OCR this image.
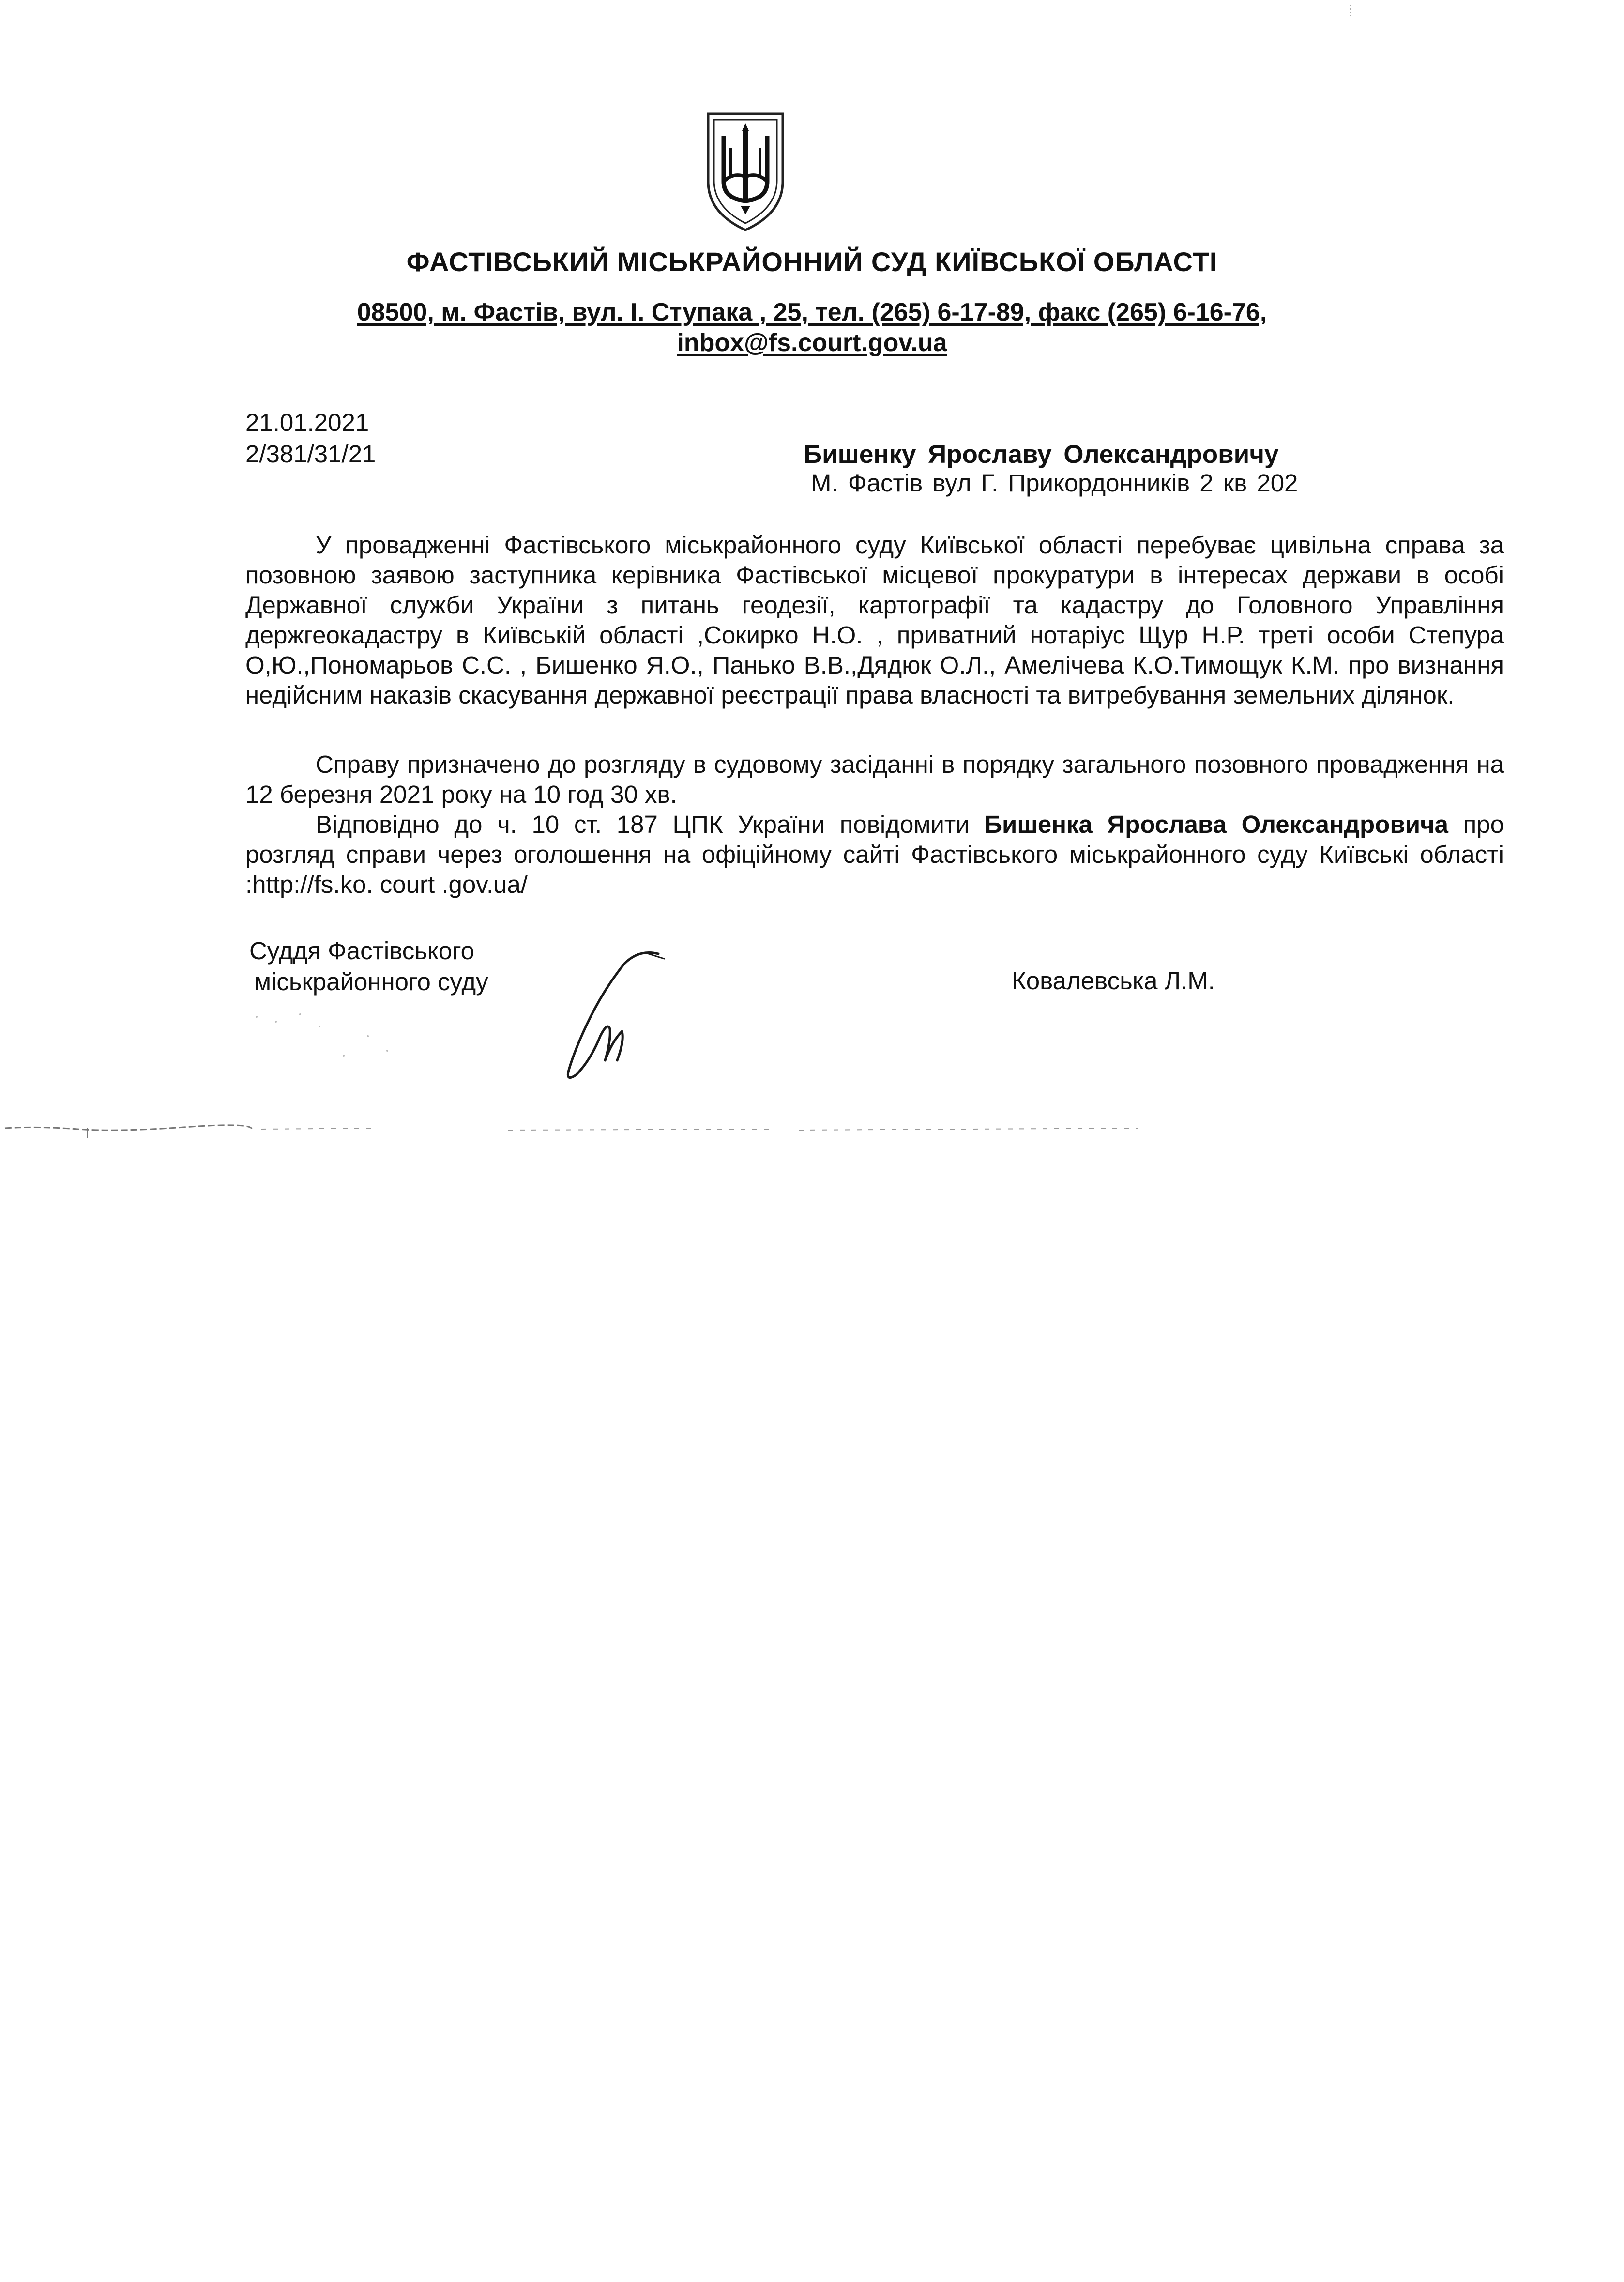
ФАСТІВСЬКИЙ МІСЬКРАЙОННИЙ СУД КИЇВСЬКОЇ ОБЛАСТІ
08500, м. Фастів, вул. І. Ступака , 25, тел. (265) 6-17-89, факс (265) 6-16-76,
inbox@fs.court.gov.ua
21.01.2021
2/381/31/21	Бишенку Ярославу Олександровичу
М. Фастів вул Г. Прикордонників 2 кв 202

У провадженні Фастівського міськрайонного суду Київської області перебуває цивільна справа за позовною заявою заступника керівника Фастівської місцевої прокуратури в інтересах держави в особі Державної служби України з питань геодезії, картографії та кадастру до Головного Управління держгеокадастру в Київській області ,Сокирко Н.О. , приватний нотаріус Щур Н.Р. треті особи Степура О,Ю.,Пономарьов С.С. , Бишенко Я.О., Панько В.В.,Дядюк О.Л., Амелічева К.О.Тимощук К.М. про визнання недійсним наказів скасування державної реєстрації права власності та витребування земельних ділянок.

Справу призначено до розгляду в судовому засіданні в порядку загального позовного провадження на 12 березня 2021 року на 10 год 30 хв.

Відповідно до ч. 10 ст. 187 ЦПК України повідомити Бишенка Ярослава Олександровича про розгляд справи через оголошення на офіційному сайті Фастівського міськрайонного суду Київські області :http://fs.ko. court .gov.ua/

Суддя Фастівського
міськрайонного суду	Ковалевська Л.М.
